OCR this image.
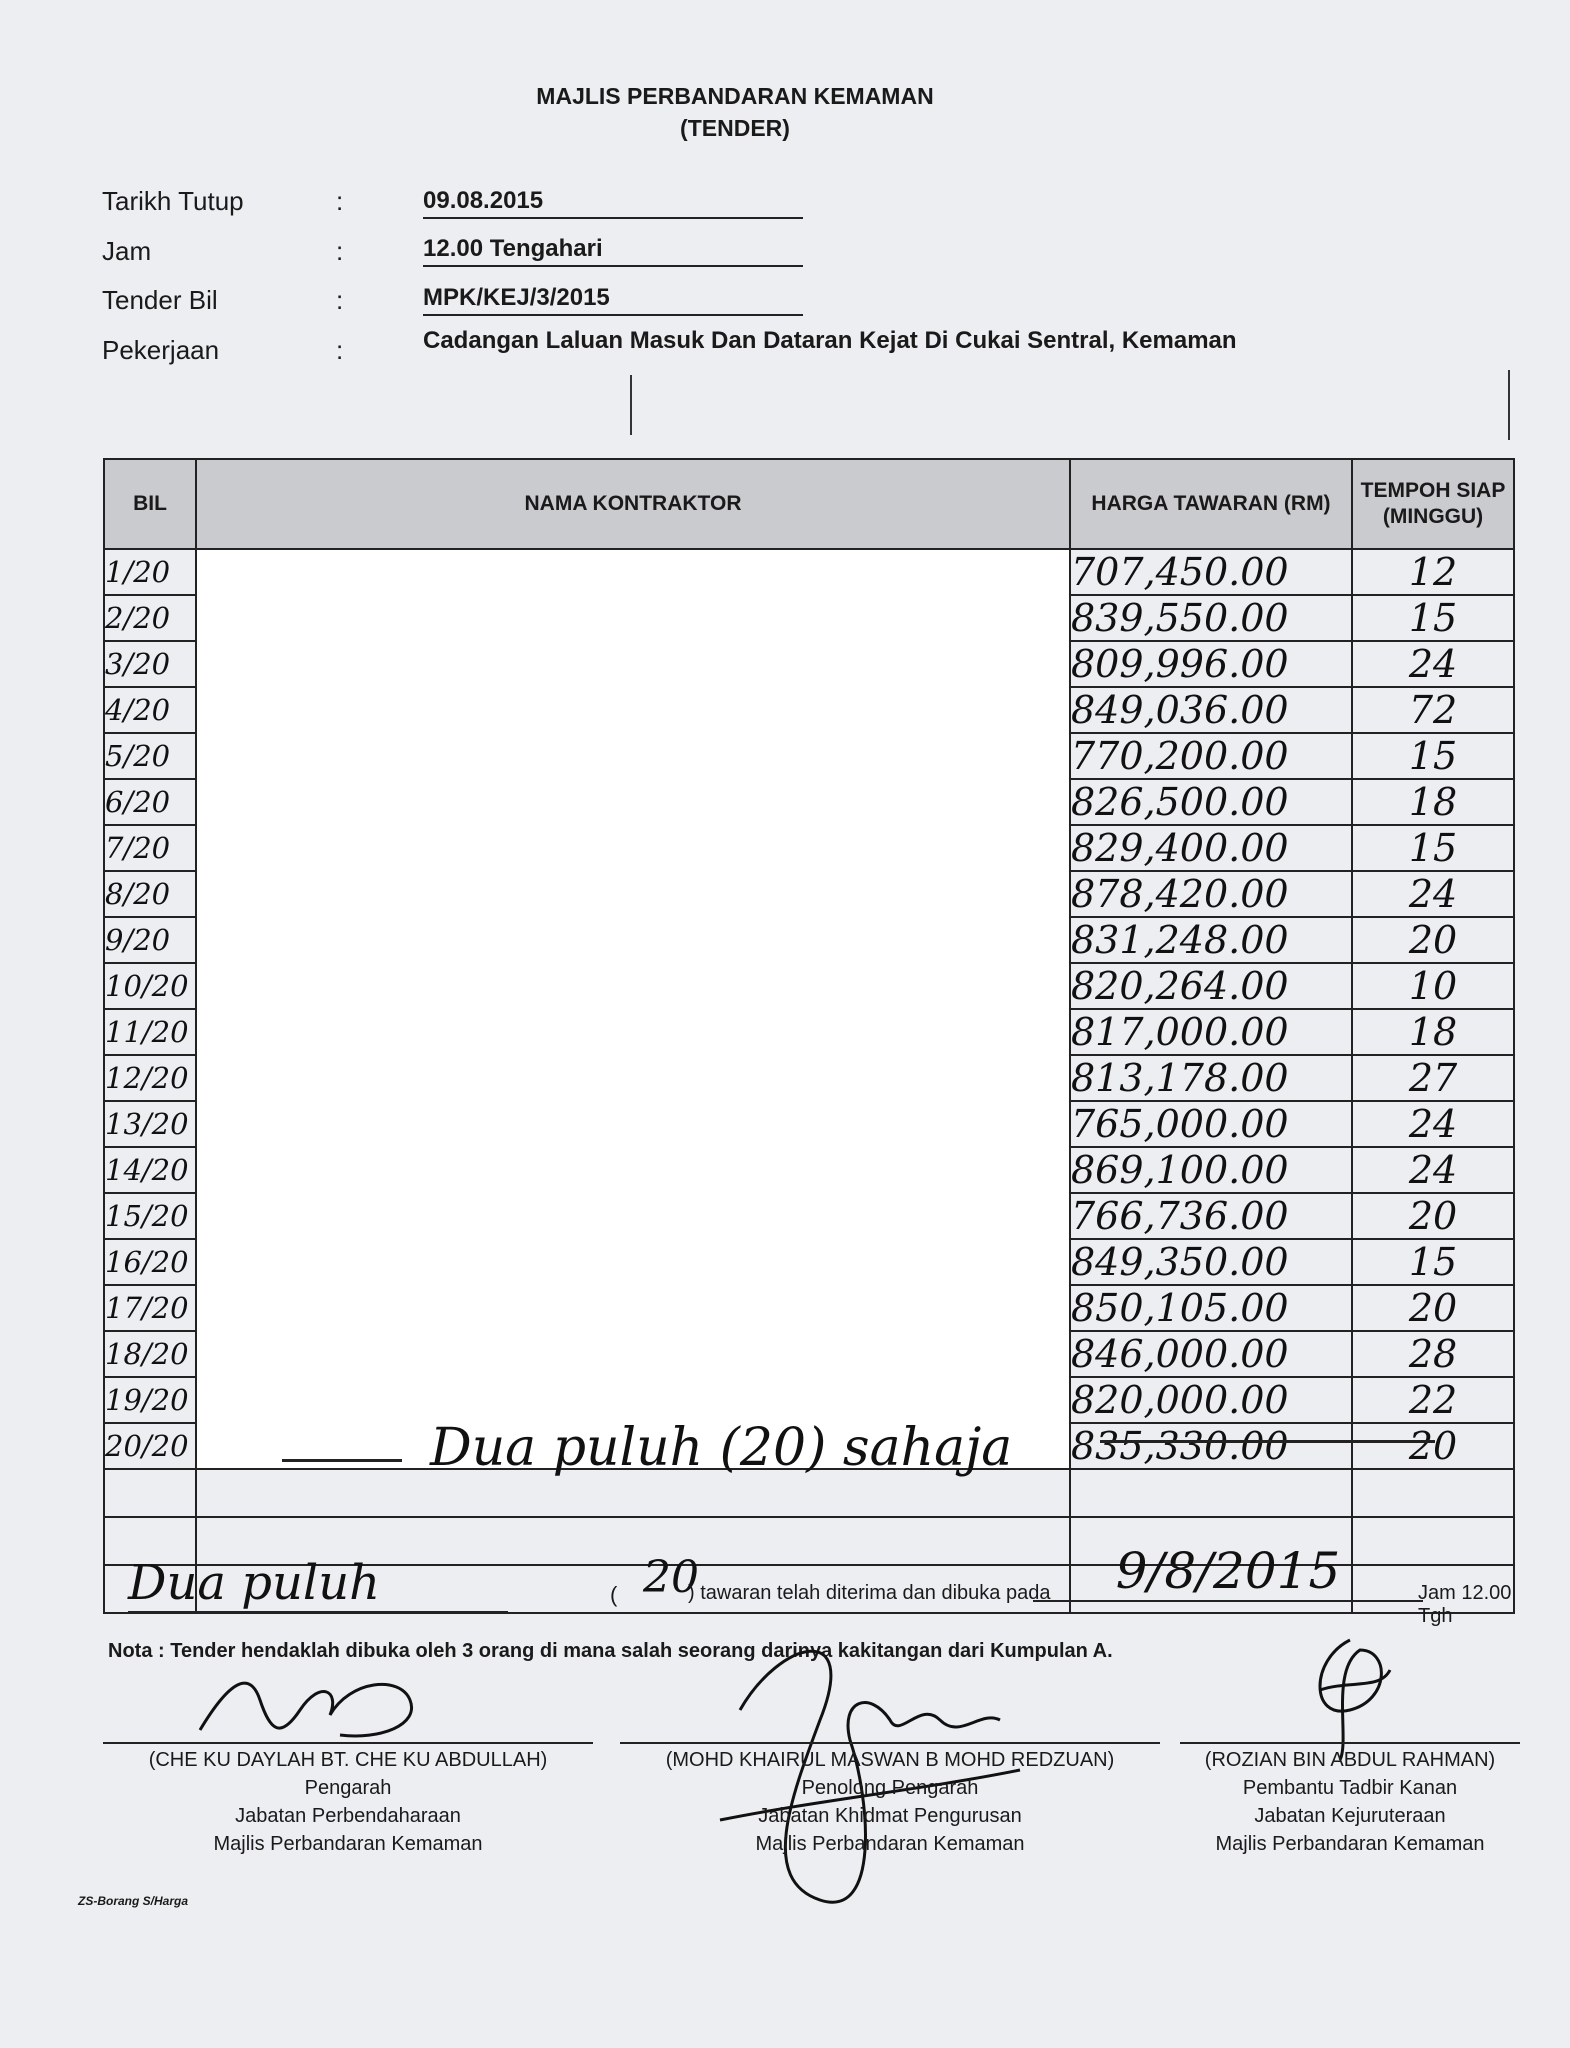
MAJLIS PERBANDARAN KEMAMAN
(TENDER)
Tarikh Tutup	:	09.08.2015
Jam	:	12.00 Tengahari
Tender Bil	:	MPK/KEJ/3/2015
Pekerjaan	:	Cadangan Laluan Masuk Dan Dataran Kejat Di Cukai Sentral, Kemaman
BIL	NAMA KONTRAKTOR	HARGA TAWARAN (RM)	TEMPOH SIAP (MINGGU)
1/20		707,450.00	12
2/20		839,550.00	15
3/20		809,996.00	24
4/20		849,036.00	72
5/20		770,200.00	15
6/20		826,500.00	18
7/20		829,400.00	15
8/20		878,420.00	24
9/20		831,248.00	20
10/20		820,264.00	10
11/20		817,000.00	18
12/20		813,178.00	27
13/20		765,000.00	24
14/20		869,100.00	24
15/20		766,736.00	20
16/20		849,350.00	15
17/20		850,105.00	20
18/20		846,000.00	28
19/20		820,000.00	22
20/20		835,330.00	20

Dua puluh (20) sahaja
Dua puluh	( 20
) tawaran telah diterima dan dibuka pada	9/8/2015	Jam 12.00 Tgh
Nota : Tender hendaklah dibuka oleh 3 orang di mana salah seorang darinya kakitangan dari Kumpulan A.
(CHE KU DAYLAH BT. CHE KU ABDULLAH)
Pengarah
Jabatan Perbendaharaan
Majlis Perbandaran Kemaman
(MOHD KHAIRUL MASWAN B MOHD REDZUAN)
Penolong Pengarah
Jabatan Khidmat Pengurusan
Majlis Perbandaran Kemaman
(ROZIAN BIN ABDUL RAHMAN)
Pembantu Tadbir Kanan
Jabatan Kejuruteraan
Majlis Perbandaran Kemaman
ZS-Borang S/Harga
